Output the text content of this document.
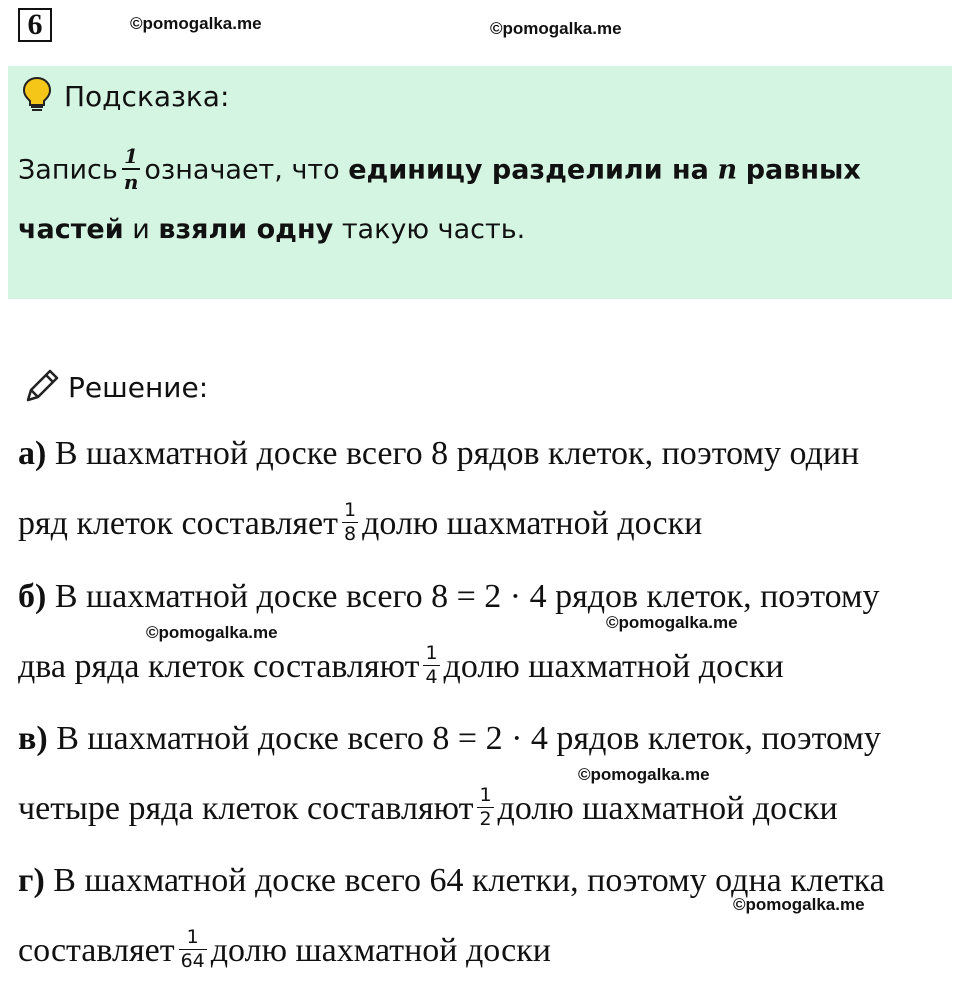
6	©pomogalka.me	©pomogalka.me
Подсказка:
Запись $\frac{1}{n}$ означает, что единицу разделили на n равных
частей и взяли одну такую часть.
Решение:
а) В шахматной доске всего 8 рядов клеток, поэтому один
ряд клеток составляет $\frac{1}{8}$ долю шахматной доски
б) В шахматной доске всего 8 = 2 · 4 рядов клеток, поэтому
два ряда клеток составляют $\frac{1}{4}$ долю шахматной доски
в) В шахматной доске всего 8 = 2 · 4 рядов клеток, поэтому
четыре ряда клеток составляют $\frac{1}{2}$ долю шахматной доски
г) В шахматной доске всего 64 клетки, поэтому одна клетка
составляет $\frac{1}{64}$ долю шахматной доски
©pomogalka.me
©pomogalka.me
©pomogalka.me
©pomogalka.me
